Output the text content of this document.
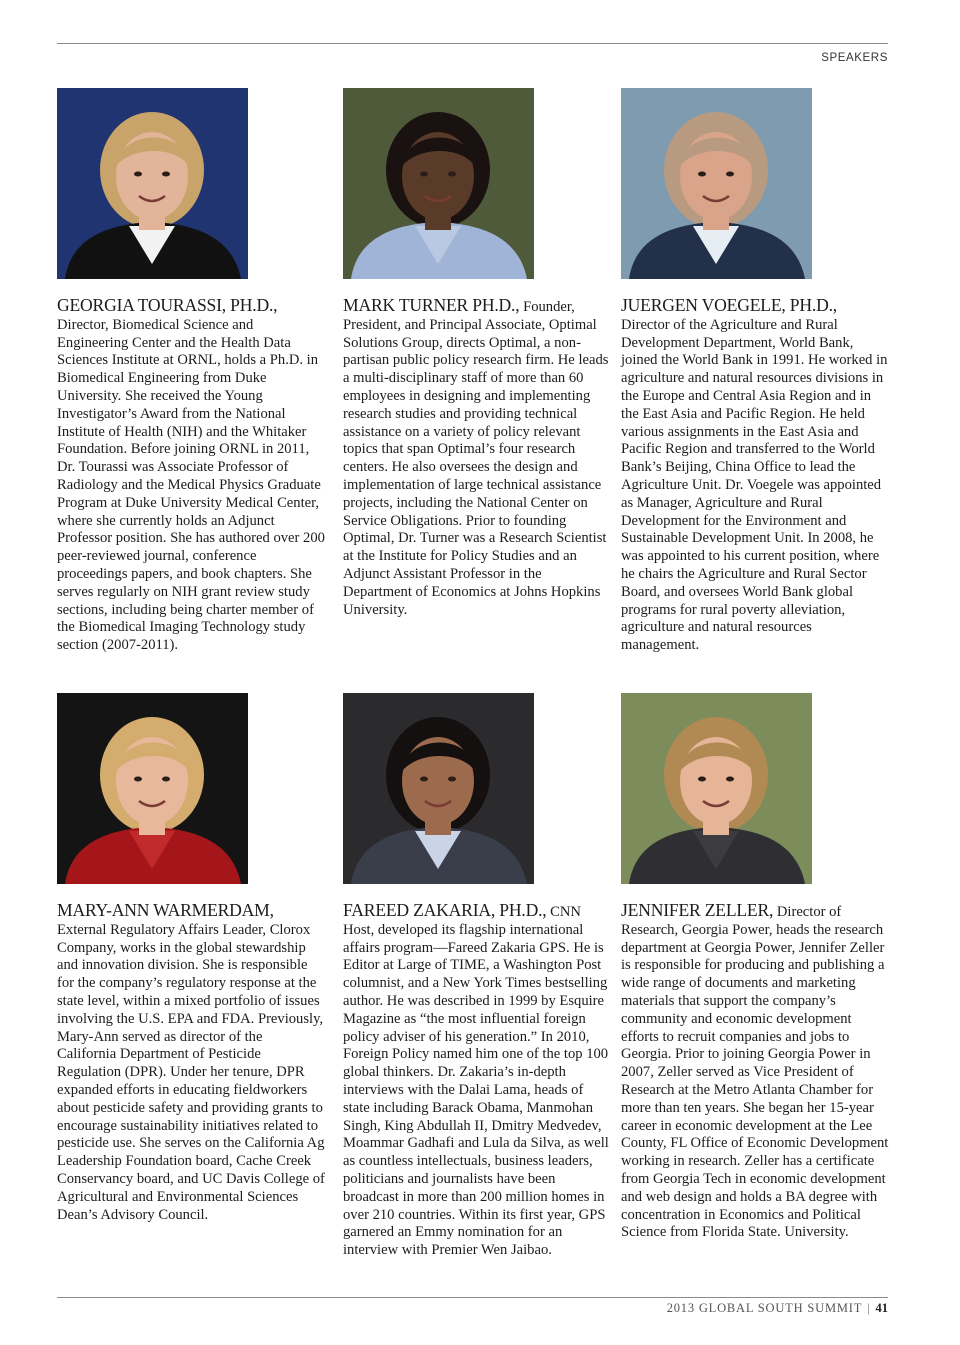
SPEAKERS
GEORGIA TOURASSI, PH.D., Director, Biomedical Science and Engineering Center and the Health Data Sciences Institute at ORNL, holds a Ph.D. in Biomedical Engineering from Duke University. She received the Young Investigator’s Award from the National Institute of Health (NIH) and the Whitaker Foundation. Before joining ORNL in 2011, Dr. Tourassi was Associate Professor of Radiology and the Medical Physics Graduate Program at Duke University Medical Center, where she currently holds an Adjunct Professor position. She has authored over 200 peer-reviewed journal, conference proceedings papers, and book chapters. She serves regularly on NIH grant review study sections, including being charter member of the Biomedical Imaging Technology study section (2007-2011).
MARK TURNER PH.D., Founder, President, and Principal Associate, Optimal Solutions Group, directs Optimal, a non-partisan public policy research firm. He leads a multi-disciplinary staff of more than 60 employees in designing and implementing research studies and providing technical assistance on a variety of policy relevant topics that span Optimal’s four research centers. He also oversees the design and implementation of large technical assistance projects, including the National Center on Service Obligations. Prior to founding Optimal, Dr. Turner was a Research Scientist at the Institute for Policy Studies and an Adjunct Assistant Professor in the Department of Economics at Johns Hopkins University.
JUERGEN VOEGELE, PH.D., Director of the Agriculture and Rural Development Department, World Bank, joined the World Bank in 1991. He worked in agriculture and natural resources divisions in the Europe and Central Asia Region and in the East Asia and Pacific Region. He held various assignments in the East Asia and Pacific Region and transferred to the World Bank’s Beijing, China Office to lead the Agriculture Unit. Dr. Voegele was appointed as Manager, Agriculture and Rural Development for the Environment and Sustainable Development Unit. In 2008, he was appointed to his current position, where he chairs the Agriculture and Rural Sector Board, and oversees World Bank global programs for rural poverty alleviation, agriculture and natural resources management.
MARY-ANN WARMERDAM, External Regulatory Affairs Leader, Clorox Company, works in the global stewardship and innovation division. She is responsible for the company’s regulatory response at the state level, within a mixed portfolio of issues involving the U.S. EPA and FDA. Previously, Mary-Ann served as director of the California Department of Pesticide Regulation (DPR). Under her tenure, DPR expanded efforts in educating fieldworkers about pesticide safety and providing grants to encourage sustainability initiatives related to pesticide use. She serves on the California Ag Leadership Foundation board, Cache Creek Conservancy board, and UC Davis College of Agricultural and Environmental Sciences Dean’s Advisory Council.
FAREED ZAKARIA, PH.D., CNN Host, developed its flagship international affairs program—Fareed Zakaria GPS. He is Editor at Large of TIME, a Washington Post columnist, and a New York Times bestselling author. He was described in 1999 by Esquire Magazine as “the most influential foreign policy adviser of his generation.” In 2010, Foreign Policy named him one of the top 100 global thinkers. Dr. Zakaria’s in-depth interviews with the Dalai Lama, heads of state including Barack Obama, Manmohan Singh, King Abdullah II, Dmitry Medvedev, Moammar Gadhafi and Lula da Silva, as well as countless intellectuals, business leaders, politicians and journalists have been broadcast in more than 200 million homes in over 210 countries. Within its first year, GPS garnered an Emmy nomination for an interview with Premier Wen Jaibao.
JENNIFER ZELLER, Director of Research, Georgia Power, heads the research department at Georgia Power, Jennifer Zeller is responsible for producing and publishing a wide range of documents and marketing materials that support the company’s community and economic development efforts to recruit companies and jobs to Georgia. Prior to joining Georgia Power in 2007, Zeller served as Vice President of Research at the Metro Atlanta Chamber for more than ten years. She began her 15-year career in economic development at the Lee County, FL Office of Economic Development working in research. Zeller has a certificate from Georgia Tech in economic development and web design and holds a BA degree with concentration in Economics and Political Science from Florida State. University.
2013 GLOBAL SOUTH SUMMIT | 41
